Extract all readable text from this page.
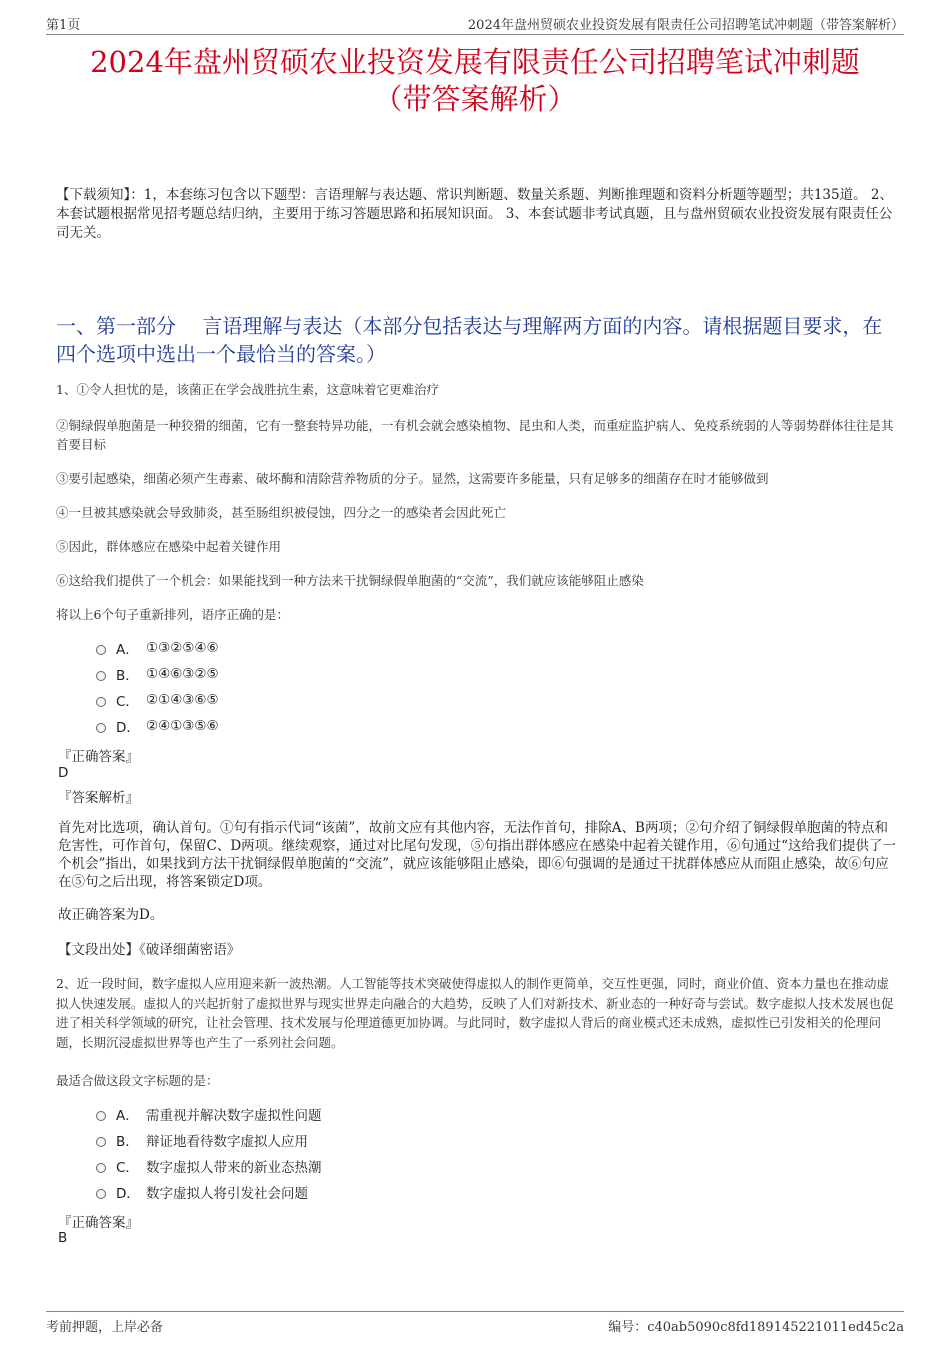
第1页	2024年盘州贸硕农业投资发展有限责任公司招聘笔试冲刺题（带答案解析）
2024年盘州贸硕农业投资发展有限责任公司招聘笔试冲刺题
（带答案解析）
【下载须知】：1，本套练习包含以下题型：言语理解与表达题、常识判断题、数量关系题、判断推理题和资料分析题等题型；共135道。 2、本套试题根据常见招考题总结归纳，主要用于练习答题思路和拓展知识面。 3、本套试题非考试真题，且与盘州贸硕农业投资发展有限责任公司无关。
一、第一部分　 言语理解与表达（本部分包括表达与理解两方面的内容。请根据题目要求，在四个选项中选出一个最恰当的答案。）
1、①令人担忧的是，该菌正在学会战胜抗生素，这意味着它更难治疗
②铜绿假单胞菌是一种狡猾的细菌，它有一整套特异功能，一有机会就会感染植物、昆虫和人类，而重症监护病人、免疫系统弱的人等弱势群体往往是其首要目标
③要引起感染，细菌必须产生毒素、破坏酶和清除营养物质的分子。显然，这需要许多能量，只有足够多的细菌存在时才能够做到
④一旦被其感染就会导致肺炎，甚至肠组织被侵蚀，四分之一的感染者会因此死亡
⑤因此，群体感应在感染中起着关键作用
⑥这给我们提供了一个机会：如果能找到一种方法来干扰铜绿假单胞菌的“交流”，我们就应该能够阻止感染
将以上6个句子重新排列，语序正确的是：
A． ①③②⑤④⑥
B． ①④⑥③②⑤
C． ②①④③⑥⑤
D． ②④①③⑤⑥
『正确答案』
D
『答案解析』
首先对比选项，确认首句。①句有指示代词“该菌”，故前文应有其他内容，无法作首句，排除A、B两项；②句介绍了铜绿假单胞菌的特点和危害性，可作首句，保留C、D两项。继续观察，通过对比尾句发现，⑤句指出群体感应在感染中起着关键作用，⑥句通过“这给我们提供了一个机会”指出，如果找到方法干扰铜绿假单胞菌的“交流”，就应该能够阻止感染，即⑥句强调的是通过干扰群体感应从而阻止感染，故⑥句应在⑤句之后出现，将答案锁定D项。
故正确答案为D。
【文段出处】《破译细菌密语》
2、近一段时间，数字虚拟人应用迎来新一波热潮。人工智能等技术突破使得虚拟人的制作更简单，交互性更强，同时，商业价值、资本力量也在推动虚拟人快速发展。虚拟人的兴起折射了虚拟世界与现实世界走向融合的大趋势，反映了人们对新技术、新业态的一种好奇与尝试。数字虚拟人技术发展也促进了相关科学领域的研究，让社会管理、技术发展与伦理道德更加协调。与此同时，数字虚拟人背后的商业模式还未成熟，虚拟性已引发相关的伦理问题，长期沉浸虚拟世界等也产生了一系列社会问题。
最适合做这段文字标题的是：
A． 需重视并解决数字虚拟性问题
B． 辩证地看待数字虚拟人应用
C． 数字虚拟人带来的新业态热潮
D． 数字虚拟人将引发社会问题
『正确答案』
B
考前押题，上岸必备	编号：c40ab5090c8fd189145221011ed45c2a
